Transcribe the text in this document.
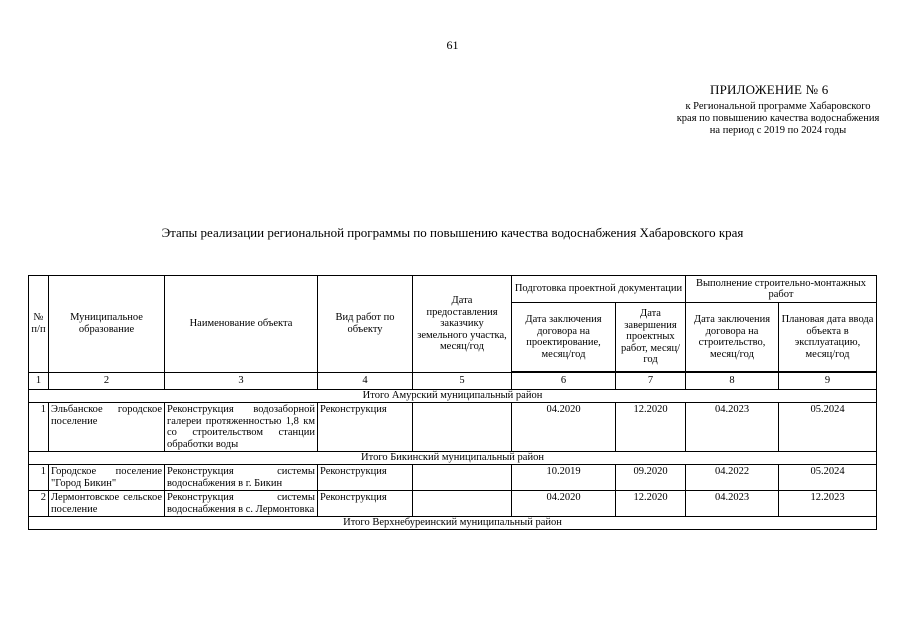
61
ПРИЛОЖЕНИЕ № 6
к Региональной программе Хабаровского края по повышению качества водоснабжения на период с 2019 по 2024 годы
Этапы реализации региональной программы по повышению качества водоснабжения Хабаровского края
№ п/п	Муниципальное образование	Наименование объекта	Вид работ по объекту	Дата предоставления заказчику земельного участка, месяц/год	Подготовка проектной документации		Выполнение строительно-монтажных работ	
					Дата заключения договора на проектирование, месяц/год	Дата завершения проектных работ, месяц/год	Дата заключения договора на строительство, месяц/год	Плановая дата ввода объекта в эксплуатацию, месяц/год
1	2	3	4	5	6	7	8	9
Итого Амурский муниципальный район								
1	Эльбанское городское поселение	Реконструкция водозаборной галереи протяженностью 1,8 км со строительством станции обработки воды	Реконструкция		04.2020	12.2020	04.2023	05.2024
Итого Бикинский муниципальный район								
1	Городское поселение "Город Бикин"	Реконструкция системы водоснабжения в г. Бикин	Реконструкция		10.2019	09.2020	04.2022	05.2024
2	Лермонтовское сельское поселение	Реконструкция системы водоснабжения в с. Лермонтовка	Реконструкция		04.2020	12.2020	04.2023	12.2023
Итого Верхнебуреинский муниципальный район								
